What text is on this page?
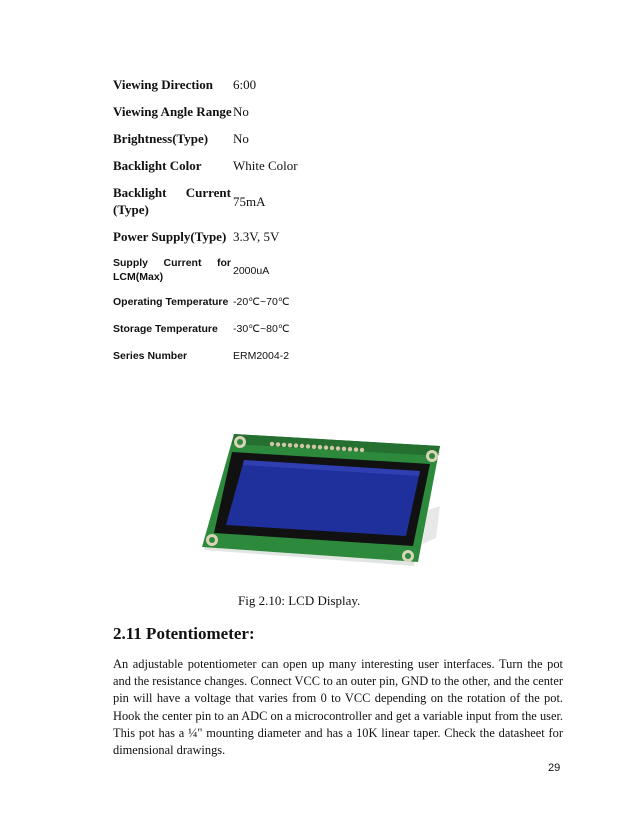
Viewing Direction 6:00
Viewing Angle Range No
Brightness(Type) No
Backlight Color White Color
Backlight Current
(Type)
75mA
Power Supply(Type) 3.3V, 5V
Supply Current for
LCM(Max)	2000uA
Operating Temperature -20℃~70℃
Storage Temperature -30℃~80℃
Series Number	ERM2004-2
Fig 2.10: LCD Display.
2.11 Potentiometer:
An adjustable potentiometer can open up many interesting user interfaces. Turn the pot and the resistance changes. Connect VCC to an outer pin, GND to the other, and the center pin will have a voltage that varies from 0 to VCC depending on the rotation of the pot. Hook the center pin to an ADC on a microcontroller and get a variable input from the user. This pot has a ¼" mounting diameter and has a 10K linear taper. Check the datasheet for dimensional drawings.
29
